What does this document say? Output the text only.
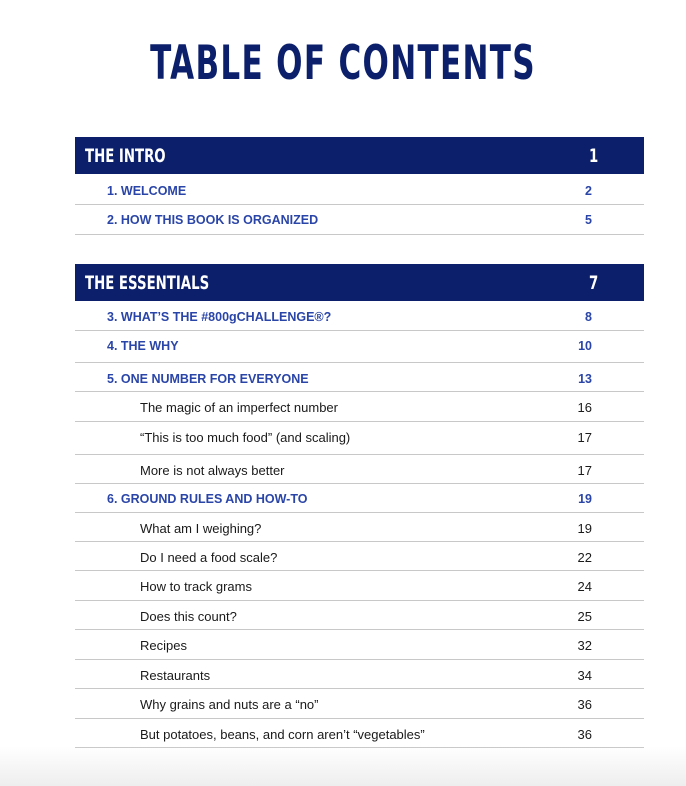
TABLE OF CONTENTS
THE INTRO	1
1. WELCOME	2
2. HOW THIS BOOK IS ORGANIZED	5
THE ESSENTIALS	7
3. WHAT’S THE #800gCHALLENGE®?	8
4. THE WHY	10
5. ONE NUMBER FOR EVERYONE	13
The magic of an imperfect number	16
“This is too much food” (and scaling)	17
More is not always better	17
6. GROUND RULES AND HOW-TO	19
What am I weighing?	19
Do I need a food scale?	22
How to track grams	24
Does this count?	25
Recipes	32
Restaurants	34
Why grains and nuts are a “no”	36
But potatoes, beans, and corn aren’t “vegetables”	36
